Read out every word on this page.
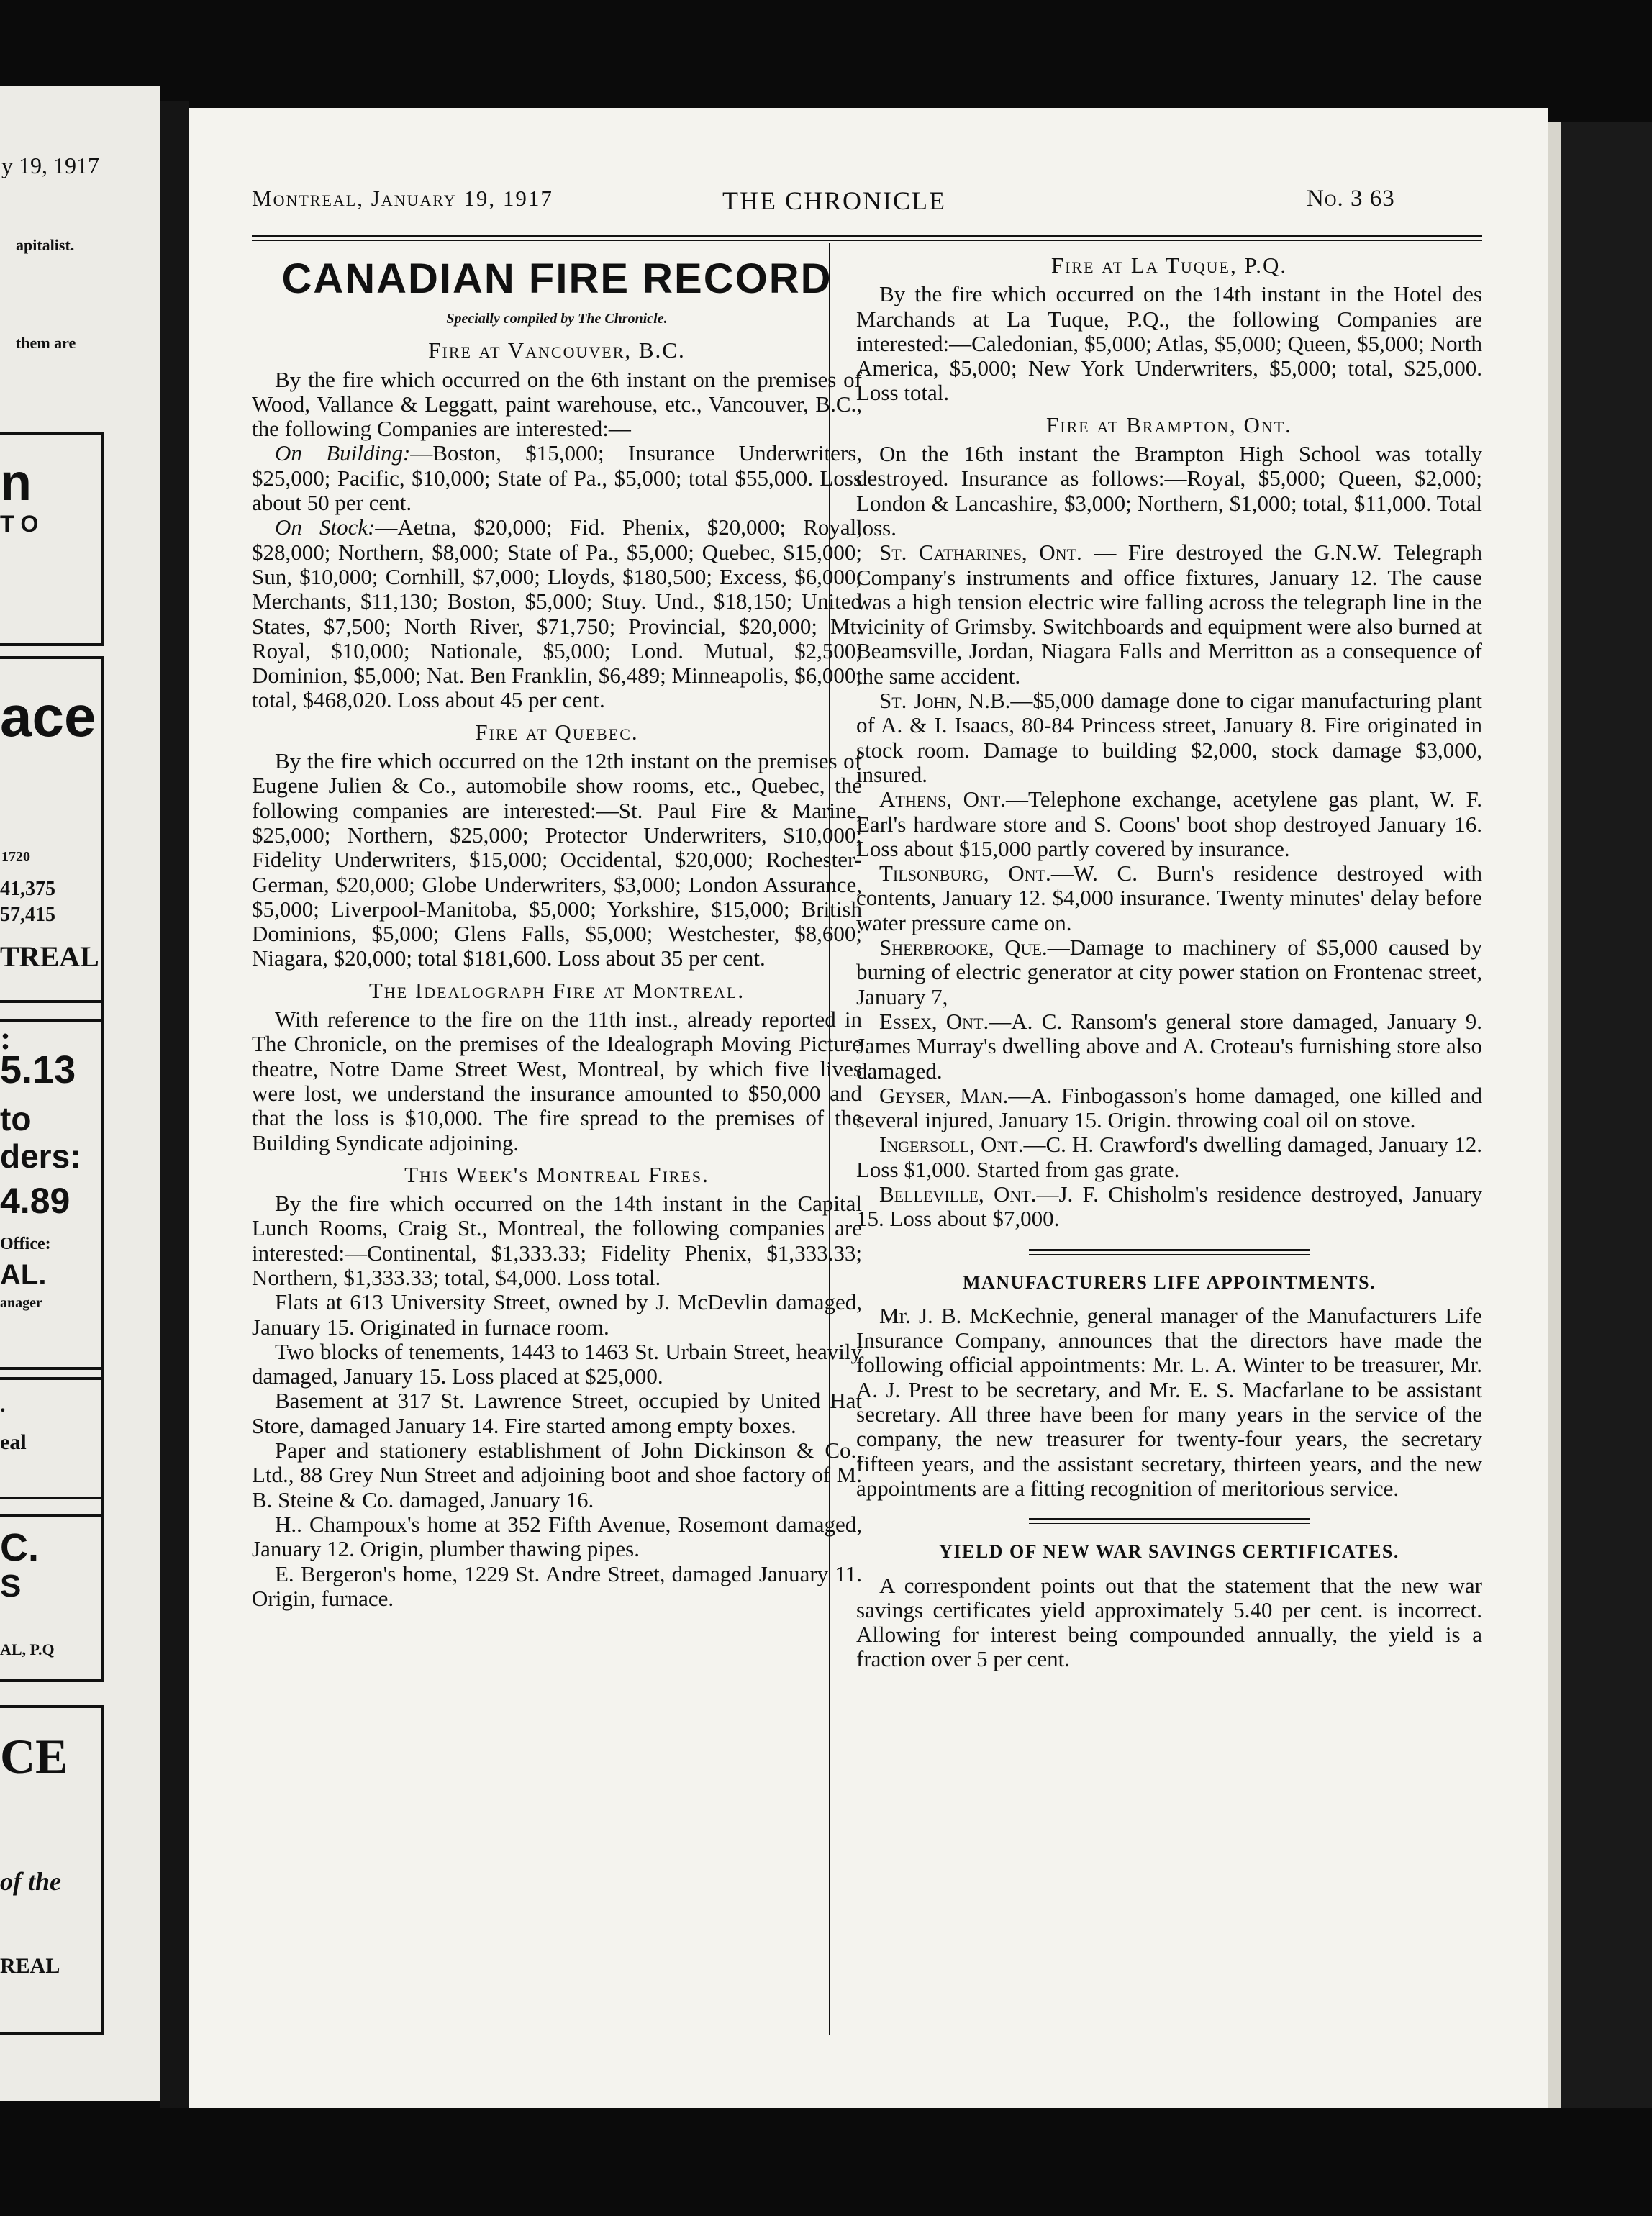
y 19, 1917
apitalist.
them are
n
T O
ace
1720
41,375
57,415
TREAL
:
5.13
to
ders:
4.89
Office:
AL.
anager
.
eal
C.
S
AL, P.Q
CE
of the
REAL
Montreal, January 19, 1917	THE CHRONICLE	No. 3 63
CANADIAN FIRE RECORD
Specially compiled by The Chronicle.
Fire at Vancouver, B.C.

By the fire which occurred on the 6th instant on the premises of Wood, Vallance & Leggatt, paint warehouse, etc., Vancouver, B.C., the following Companies are interested:—

On Building:—Boston, $15,000; Insurance Underwriters, $25,000; Pacific, $10,000; State of Pa., $5,000; total $55,000. Loss about 50 per cent.

On Stock:—Aetna, $20,000; Fid. Phenix, $20,000; Royal, $28,000; Northern, $8,000; State of Pa., $5,000; Quebec, $15,000; Sun, $10,000; Cornhill, $7,000; Lloyds, $180,500; Excess, $6,000; Merchants, $11,130; Boston, $5,000; Stuy. Und., $18,150; United States, $7,500; North River, $71,750; Provincial, $20,000; Mt. Royal, $10,000; Nationale, $5,000; Lond. Mutual, $2,500; Dominion, $5,000; Nat. Ben Franklin, $6,489; Minneapolis, $6,000; total, $468,020. Loss about 45 per cent.

Fire at Quebec.

By the fire which occurred on the 12th instant on the premises of Eugene Julien & Co., automobile show rooms, etc., Quebec, the following companies are interested:—St. Paul Fire & Marine, $25,000; Northern, $25,000; Protector Underwriters, $10,000; Fidelity Underwriters, $15,000; Occidental, $20,000; Rochester-German, $20,000; Globe Underwriters, $3,000; London Assurance, $5,000; Liverpool-Manitoba, $5,000; Yorkshire, $15,000; British Dominions, $5,000; Glens Falls, $5,000; Westchester, $8,600; Niagara, $20,000; total $181,600. Loss about 35 per cent.

The Idealograph Fire at Montreal.

With reference to the fire on the 11th inst., already reported in The Chronicle, on the premises of the Idealograph Moving Picture theatre, Notre Dame Street West, Montreal, by which five lives were lost, we understand the insurance amounted to $50,000 and that the loss is $10,000. The fire spread to the premises of the Building Syndicate adjoining.

This Week's Montreal Fires.

By the fire which occurred on the 14th instant in the Capital Lunch Rooms, Craig St., Montreal, the following companies are interested:—Continental, $1,333.33; Fidelity Phenix, $1,333.33; Northern, $1,333.33; total, $4,000. Loss total.

Flats at 613 University Street, owned by J. McDevlin damaged, January 15. Originated in furnace room.

Two blocks of tenements, 1443 to 1463 St. Urbain Street, heavily damaged, January 15. Loss placed at $25,000.

Basement at 317 St. Lawrence Street, occupied by United Hat Store, damaged January 14. Fire started among empty boxes.

Paper and stationery establishment of John Dickinson & Co., Ltd., 88 Grey Nun Street and adjoining boot and shoe factory of M. B. Steine & Co. damaged, January 16.

H.. Champoux's home at 352 Fifth Avenue, Rosemont damaged, January 12. Origin, plumber thawing pipes.

E. Bergeron's home, 1229 St. Andre Street, damaged January 11. Origin, furnace.

Fire at La Tuque, P.Q.

By the fire which occurred on the 14th instant in the Hotel des Marchands at La Tuque, P.Q., the following Companies are interested:—Caledonian, $5,000; Atlas, $5,000; Queen, $5,000; North America, $5,000; New York Underwriters, $5,000; total, $25,000. Loss total.

Fire at Brampton, Ont.

On the 16th instant the Brampton High School was totally destroyed. Insurance as follows:—Royal, $5,000; Queen, $2,000; London & Lancashire, $3,000; Northern, $1,000; total, $11,000. Total loss.

St. Catharines, Ont. — Fire destroyed the G.N.W. Telegraph Company's instruments and office fixtures, January 12. The cause was a high tension electric wire falling across the telegraph line in the vicinity of Grimsby. Switchboards and equipment were also burned at Beamsville, Jordan, Niagara Falls and Merritton as a consequence of the same accident.

St. John, N.B.—$5,000 damage done to cigar manufacturing plant of A. & I. Isaacs, 80-84 Princess street, January 8. Fire originated in stock room. Damage to building $2,000, stock damage $3,000, insured.

Athens, Ont.—Telephone exchange, acetylene gas plant, W. F. Earl's hardware store and S. Coons' boot shop destroyed January 16. Loss about $15,000 partly covered by insurance.

Tilsonburg, Ont.—W. C. Burn's residence destroyed with contents, January 12. $4,000 insurance. Twenty minutes' delay before water pressure came on.

Sherbrooke, Que.—Damage to machinery of $5,000 caused by burning of electric generator at city power station on Frontenac street, January 7,

Essex, Ont.—A. C. Ransom's general store damaged, January 9. James Murray's dwelling above and A. Croteau's furnishing store also damaged.

Geyser, Man.—A. Finbogasson's home damaged, one killed and several injured, January 15. Origin. throwing coal oil on stove.

Ingersoll, Ont.—C. H. Crawford's dwelling damaged, January 12. Loss $1,000. Started from gas grate.

Belleville, Ont.—J. F. Chisholm's residence destroyed, January 15. Loss about $7,000.

MANUFACTURERS LIFE APPOINTMENTS.

Mr. J. B. McKechnie, general manager of the Manufacturers Life Insurance Company, announces that the directors have made the following official appointments: Mr. L. A. Winter to be treasurer, Mr. A. J. Prest to be secretary, and Mr. E. S. Macfarlane to be assistant secretary. All three have been for many years in the service of the company, the new treasurer for twenty-four years, the secretary fifteen years, and the assistant secretary, thirteen years, and the new appointments are a fitting recognition of meritorious service.

YIELD OF NEW WAR SAVINGS CERTIFICATES.

A correspondent points out that the statement that the new war savings certificates yield approximately 5.40 per cent. is incorrect. Allowing for interest being compounded annually, the yield is a fraction over 5 per cent.
